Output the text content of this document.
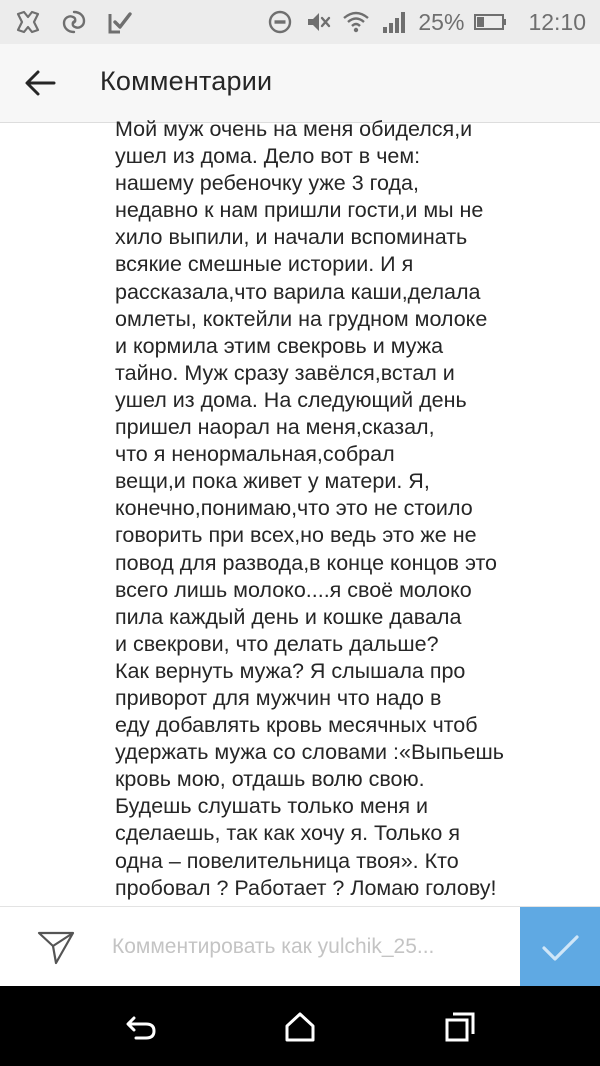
25%	12:10
Комментарии

Мой муж очень на меня обиделся,и
ушел из дома. Дело вот в чем:
нашему ребеночку уже 3 года,
недавно к нам пришли гости,и мы не
хило выпили, и начали вспоминать
всякие смешные истории. И я
рассказала,что варила каши,делала
омлеты, коктейли на грудном молоке
и кормила этим свекровь и мужа
тайно. Муж сразу завёлся,встал и
ушел из дома. На следующий день
пришел наорал на меня,сказал,
что я ненормальная,собрал
вещи,и пока живет у матери. Я,
конечно,понимаю,что это не стоило
говорить при всех,но ведь это же не
повод для развода,в конце концов это
всего лишь молоко....я своё молоко
пила каждый день и кошке давала
и свекрови, что делать дальше?
Как вернуть мужа? Я слышала про
приворот для мужчин что надо в
еду добавлять кровь месячных чтоб
удержать мужа со словами :«Выпьешь
кровь мою, отдашь волю свою.
Будешь слушать только меня и
сделаешь, так как хочу я. Только я
одна – повелительница твоя». Кто
пробовал ? Работает ? Ломаю голову!

Комментировать как yulchik_25...
